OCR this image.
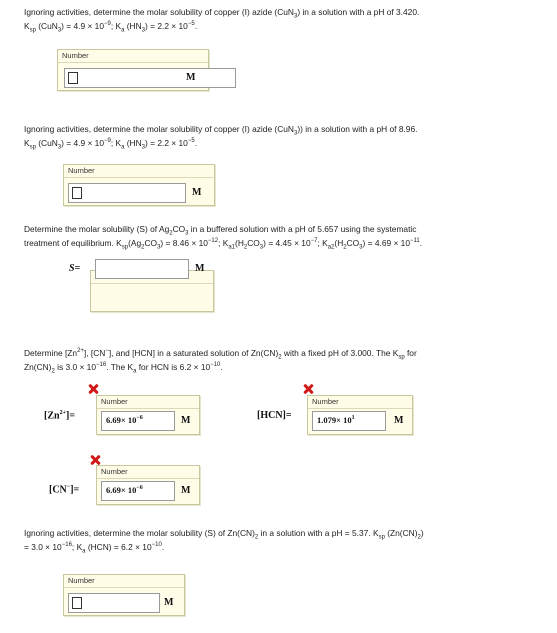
Ignoring activities, determine the molar solubility of copper (I) azide (CuN$_3$) in a solution with a pH of 3.420.
$K_{sp}$ $(CuN_3) = 4.9 \times 10^{-9}$; $K_a$ $(HN_3) = 2.2 \times 10^{-5}$.
Number
M
Ignoring activities, determine the molar solubility of copper (I) azide (CuN$_3$)) in a solution with a pH of 8.96.
$K_{sp}$ $(CuN_3) = 4.9 \times 10^{-9}$; $K_a$ $(HN_3) = 2.2 \times 10^{-5}$.
Number
M
Determine the molar solubility (S) of $Ag_2CO_3$ in a buffered solution with a pH of 5.657 using the systematic
treatment of equilibrium. $K_{sp}(Ag_2CO_3) = 8.46 \times 10^{-12}$; $K_{a1}(H_2CO_3) = 4.45 \times 10^{-7}$; $K_{a2}(H_2CO_3) = 4.69 \times 10^{-11}$.
S=	M
Determine $[Zn^{2+}]$, [CN−], and [HCN] in a saturated solution of $Zn(CN)_2$ with a fixed pH of 3.000. The $K_{sp}$ for
$Zn(CN)_2$ is $3.0 \times 10^{-16}$. The $K_a$ for HCN is $6.2 \times 10^{-10}$.
$[Zn^{2+}]=$
Number
$6.69\times 10^{-6}$	M	[HCN]=
Number
$1.079\times 10^1$	M
[CN−]=
Number
$6.69\times 10^{-6}$	M
Ignoring activities, determine the molar solubility (S) of $Zn(CN)_2$ in a solution with a pH = 5.37. $K_{sp}$ $(Zn(CN)_2)$
= $3.0 \times 10^{-16}$; $K_a$ $(HCN) = 6.2 \times 10^{-10}$.
Number
M
